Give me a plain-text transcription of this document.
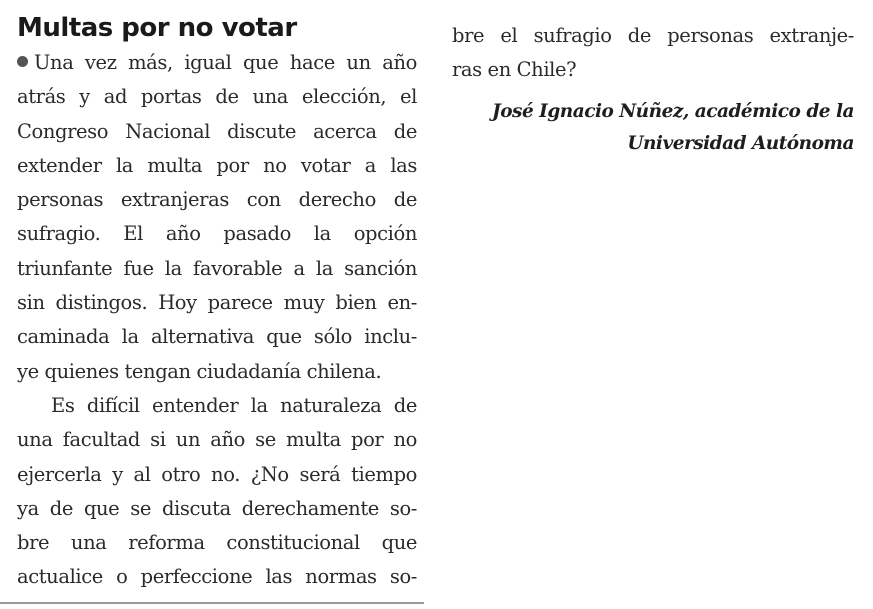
Multas por no votar
Una vez más, igual que hace un año
atrás y ad portas de una elección, el
Congreso Nacional discute acerca de
extender la multa por no votar a las
personas extranjeras con derecho de
sufragio. El año pasado la opción
triunfante fue la favorable a la sanción
sin distingos. Hoy parece muy bien en-
caminada la alternativa que sólo inclu-
ye quienes tengan ciudadanía chilena.
Es difícil entender la naturaleza de
una facultad si un año se multa por no
ejercerla y al otro no. ¿No será tiempo
ya de que se discuta derechamente so-
bre una reforma constitucional que
actualice o perfeccione las normas so-
bre el sufragio de personas extranje-
ras en Chile?
José Ignacio Núñez, académico de la
Universidad Autónoma
